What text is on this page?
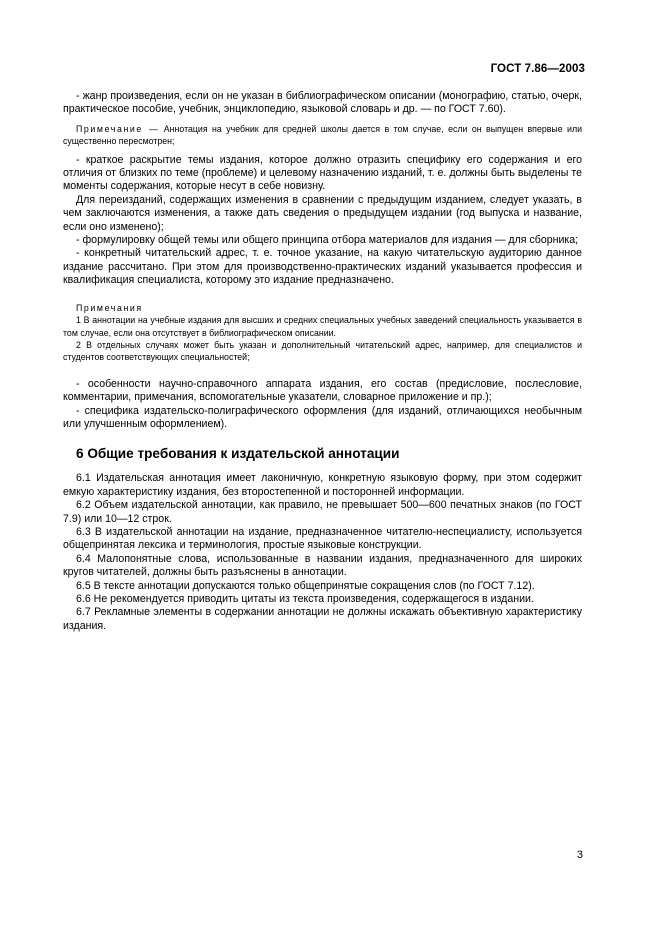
ГОСТ 7.86—2003

- жанр произведения, если он не указан в библиографическом описании (монографию, статью, очерк, практическое пособие, учебник, энциклопедию, языковой словарь и др. — по ГОСТ 7.60).

Примечание — Аннотация на учебник для средней школы дается в том случае, если он выпущен впервые или существенно пересмотрен;

- краткое раскрытие темы издания, которое должно отразить специфику его содержания и его отличия от близких по теме (проблеме) и целевому назначению изданий, т. е. должны быть выделены те моменты содержания, которые несут в себе новизну.

Для переизданий, содержащих изменения в сравнении с предыдущим изданием, следует указать, в чем заключаются изменения, а также дать сведения о предыдущем издании (год выпуска и название, если оно изменено);

- формулировку общей темы или общего принципа отбора материалов для издания — для сборника;

- конкретный читательский адрес, т. е. точное указание, на какую читательскую аудиторию данное издание рассчитано. При этом для производственно-практических изданий указывается профессия и квалификация специалиста, которому это издание предназначено.

Примечания

1 В аннотации на учебные издания для высших и средних специальных учебных заведений специальность указывается в том случае, если она отсутствует в библиографическом описании.

2 В отдельных случаях может быть указан и дополнительный читательский адрес, например, для специалистов и студентов соответствующих специальностей;

- особенности научно-справочного аппарата издания, его состав (предисловие, послесловие, комментарии, примечания, вспомогательные указатели, словарное приложение и пр.);

- специфика издательско-полиграфического оформления (для изданий, отличающихся необычным или улучшенным оформлением).

6 Общие требования к издательской аннотации

6.1 Издательская аннотация имеет лаконичную, конкретную языковую форму, при этом содержит емкую характеристику издания, без второстепенной и посторонней информации.

6.2 Объем издательской аннотации, как правило, не превышает 500—600 печатных знаков (по ГОСТ 7.9) или 10—12 строк.

6.3 В издательской аннотации на издание, предназначенное читателю-неспециалисту, используется общепринятая лексика и терминология, простые языковые конструкции.

6.4 Малопонятные слова, использованные в названии издания, предназначенного для широких кругов читателей, должны быть разъяснены в аннотации.

6.5 В тексте аннотации допускаются только общепринятые сокращения слов (по ГОСТ 7.12).

6.6 Не рекомендуется приводить цитаты из текста произведения, содержащегося в издании.

6.7 Рекламные элементы в содержании аннотации не должны искажать объективную характеристику издания.

3
